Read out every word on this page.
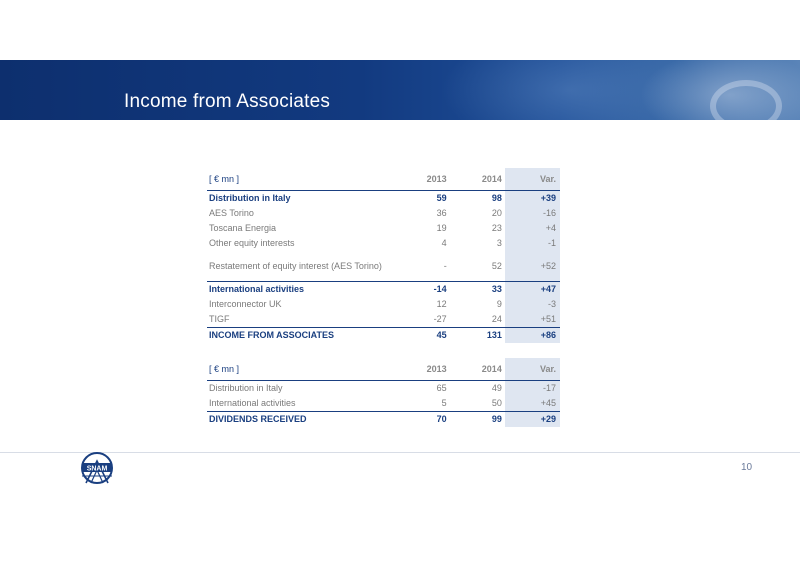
Income from Associates
[ € mn ]	2013	2014	Var.
Distribution in Italy	59	98	+39
AES Torino	36	20	-16
Toscana Energia	19	23	+4
Other equity interests	4	3	-1
Restatement of equity interest (AES Torino)	-	52	+52
International activities	-14	33	+47
Interconnector UK	12	9	-3
TIGF	-27	24	+51
INCOME FROM ASSOCIATES	45	131	+86
[ € mn ]	2013	2014	Var.
Distribution in Italy	65	49	-17
International activities	5	50	+45
DIVIDENDS RECEIVED	70	99	+29
SNAM	10
